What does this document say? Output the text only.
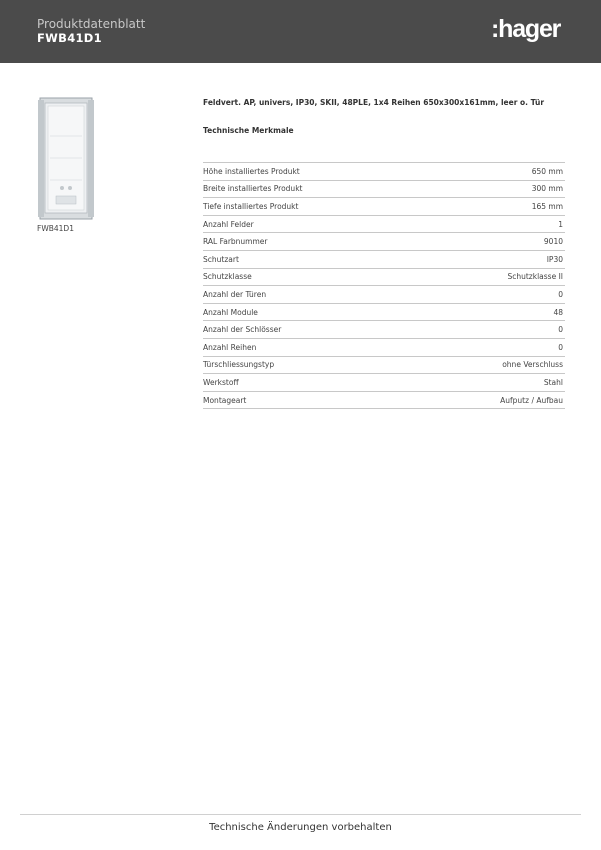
Produktdatenblatt
FWB41D1	:hager
FWB41D1
Feldvert. AP, univers, IP30, SKII, 48PLE, 1x4 Reihen 650x300x161mm, leer o. Tür
Technische Merkmale
Höhe installiertes Produkt	650 mm
Breite installiertes Produkt	300 mm
Tiefe installiertes Produkt	165 mm
Anzahl Felder	1
RAL Farbnummer	9010
Schutzart	IP30
Schutzklasse	Schutzklasse II
Anzahl der Türen	0
Anzahl Module	48
Anzahl der Schlösser	0
Anzahl Reihen	0
Türschliessungstyp	ohne Verschluss
Werkstoff	Stahl
Montageart	Aufputz / Aufbau
Technische Änderungen vorbehalten
